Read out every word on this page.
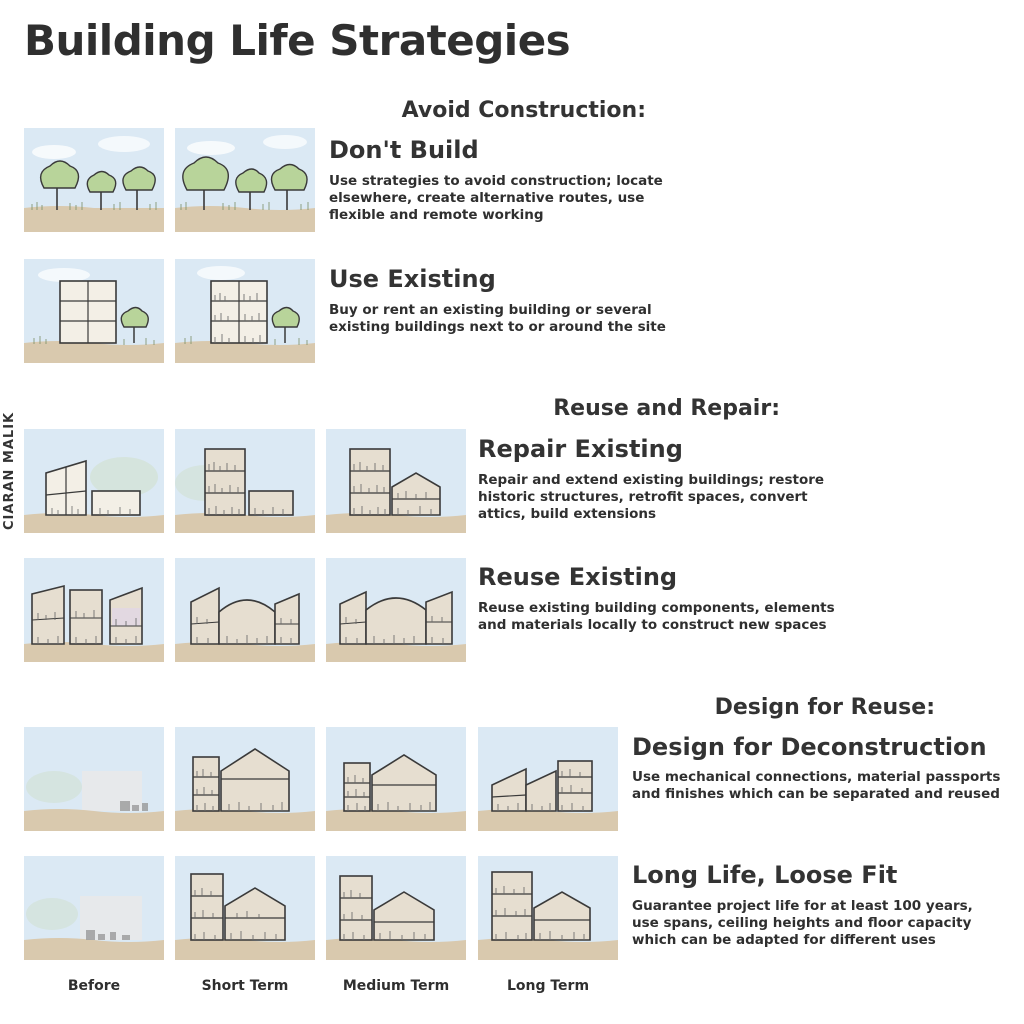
Building Life Strategies
CIARAN MALIK
Avoid Construction:
Reuse and Repair:
Design for Reuse:
Don't Build
Use strategies to avoid construction; locate elsewhere, create alternative routes, use flexible and remote working
Use Existing
Buy or rent an existing building or several existing buildings next to or around the site
Repair Existing
Repair and extend existing buildings; restore historic structures, retrofit spaces, convert attics, build extensions
Reuse Existing
Reuse existing building components, elements and materials locally to construct new spaces
Design for Deconstruction
Use mechanical connections, material passports and finishes which can be separated and reused
Long Life, Loose Fit
Guarantee project life for at least 100 years, use spans, ceiling heights and floor capacity which can be adapted for different uses
Before	Short Term	Medium Term	Long Term
